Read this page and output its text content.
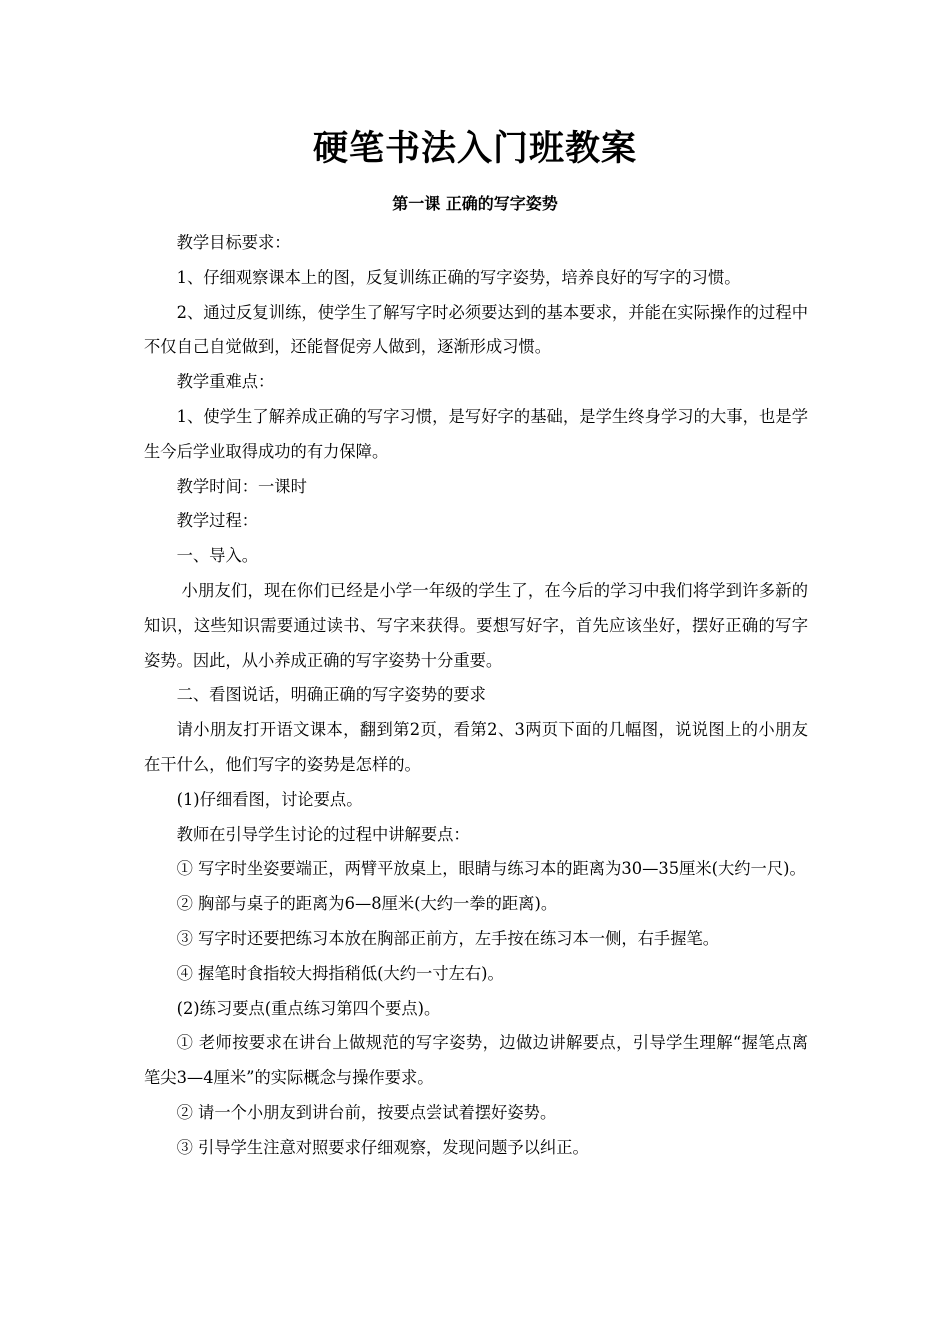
硬笔书法入门班教案
第一课 正确的写字姿势

教学目标要求：

1、仔细观察课本上的图，反复训练正确的写字姿势，培养良好的写字的习惯。

2、通过反复训练，使学生了解写字时必须要达到的基本要求，并能在实际操作的过程中不仅自己自觉做到，还能督促旁人做到，逐渐形成习惯。

教学重难点：

1、使学生了解养成正确的写字习惯，是写好字的基础，是学生终身学习的大事，也是学生今后学业取得成功的有力保障。

教学时间：一课时

教学过程：

一、导入。

小朋友们，现在你们已经是小学一年级的学生了，在今后的学习中我们将学到许多新的知识，这些知识需要通过读书、写字来获得。要想写好字，首先应该坐好，摆好正确的写字姿势。因此，从小养成正确的写字姿势十分重要。

二、看图说话，明确正确的写字姿势的要求

请小朋友打开语文课本，翻到第2页，看第2、3两页下面的几幅图，说说图上的小朋友在干什么，他们写字的姿势是怎样的。

(1)仔细看图，讨论要点。

教师在引导学生讨论的过程中讲解要点：

① 写字时坐姿要端正，两臂平放桌上，眼睛与练习本的距离为30—35厘米(大约一尺)。

② 胸部与桌子的距离为6—8厘米(大约一拳的距离)。

③ 写字时还要把练习本放在胸部正前方，左手按在练习本一侧，右手握笔。

④ 握笔时食指较大拇指稍低(大约一寸左右)。

(2)练习要点(重点练习第四个要点)。

① 老师按要求在讲台上做规范的写字姿势，边做边讲解要点，引导学生理解“握笔点离笔尖3—4厘米”的实际概念与操作要求。

② 请一个小朋友到讲台前，按要点尝试着摆好姿势。

③ 引导学生注意对照要求仔细观察，发现问题予以纠正。
